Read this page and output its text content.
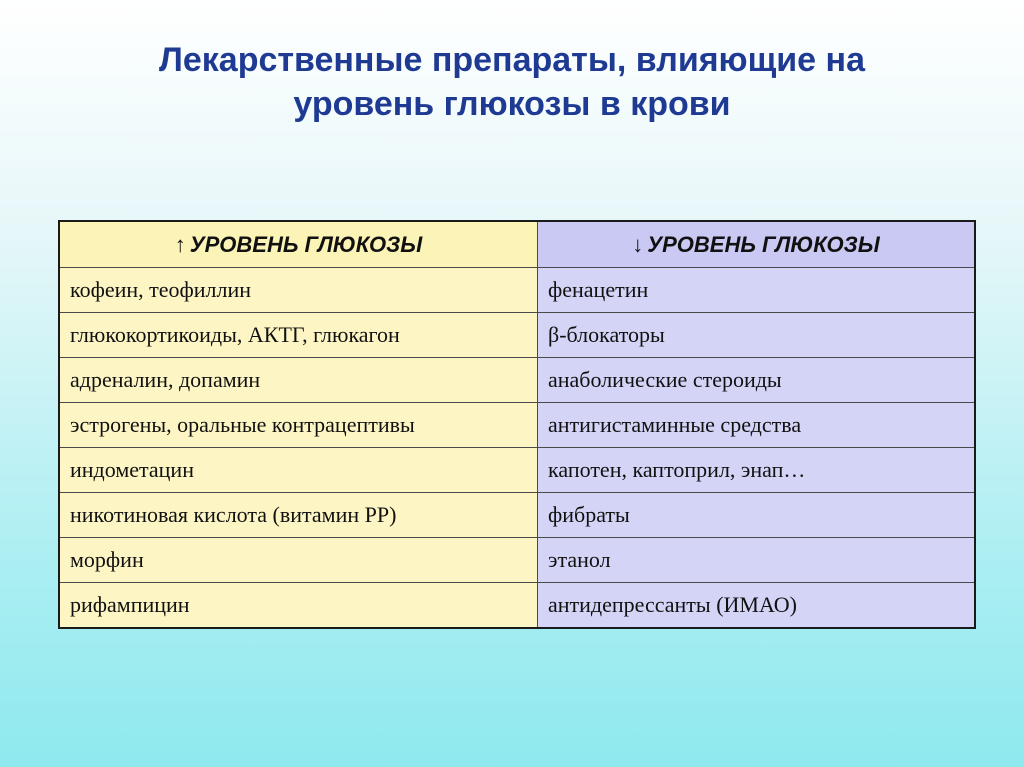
Лекарственные препараты, влияющие на
уровень глюкозы в крови
↑ УРОВЕНЬ ГЛЮКОЗЫ	↓ УРОВЕНЬ ГЛЮКОЗЫ
кофеин, теофиллин	фенацетин
глюкокортикоиды, АКТГ, глюкагон	β-блокаторы
адреналин, допамин	анаболические стероиды
эстрогены, оральные контрацептивы	антигистаминные средства
индометацин	капотен, каптоприл, энап…
никотиновая кислота (витамин РР)	фибраты
морфин	этанол
рифампицин	антидепрессанты (ИМАО)
